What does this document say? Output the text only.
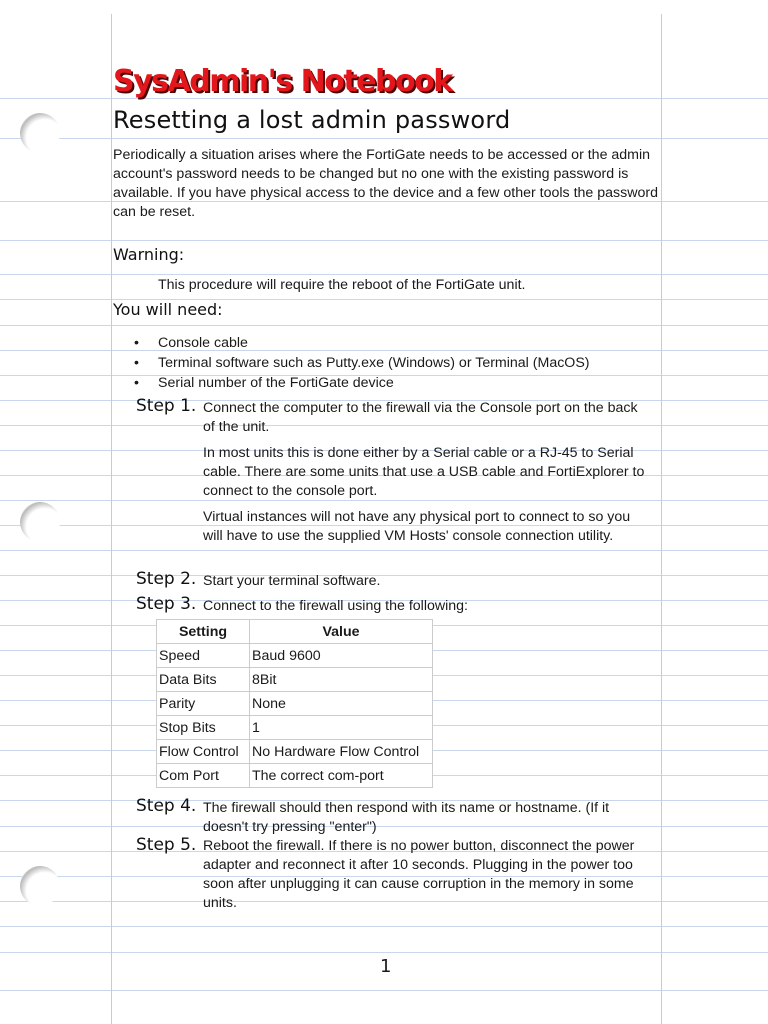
SysAdmin's Notebook
Resetting a lost admin password
Periodically a situation arises where the FortiGate needs to be accessed or the admin account's password needs to be changed but no one with the existing password is available. If you have physical access to the device and a few other tools the password can be reset.
Warning:
This procedure will require the reboot of the FortiGate unit.
You will need:
• Console cable
• Terminal software such as Putty.exe (Windows) or Terminal (MacOS)
• Serial number of the FortiGate device
Step 1. Connect the computer to the firewall via the Console port on the back of the unit.
In most units this is done either by a Serial cable or a RJ-45 to Serial cable. There are some units that use a USB cable and FortiExplorer to connect to the console port.
Virtual instances will not have any physical port to connect to so you will have to use the supplied VM Hosts' console connection utility.
Step 2. Start your terminal software.
Step 3. Connect to the firewall using the following:
Setting	Value
Speed	Baud 9600
Data Bits	8Bit
Parity	None
Stop Bits	1
Flow Control	No Hardware Flow Control
Com Port	The correct com-port
Step 4. The firewall should then respond with its name or hostname. (If it doesn't try pressing "enter")
Step 5. Reboot the firewall. If there is no power button, disconnect the power adapter and reconnect it after 10 seconds. Plugging in the power too soon after unplugging it can cause corruption in the memory in some units.
1
